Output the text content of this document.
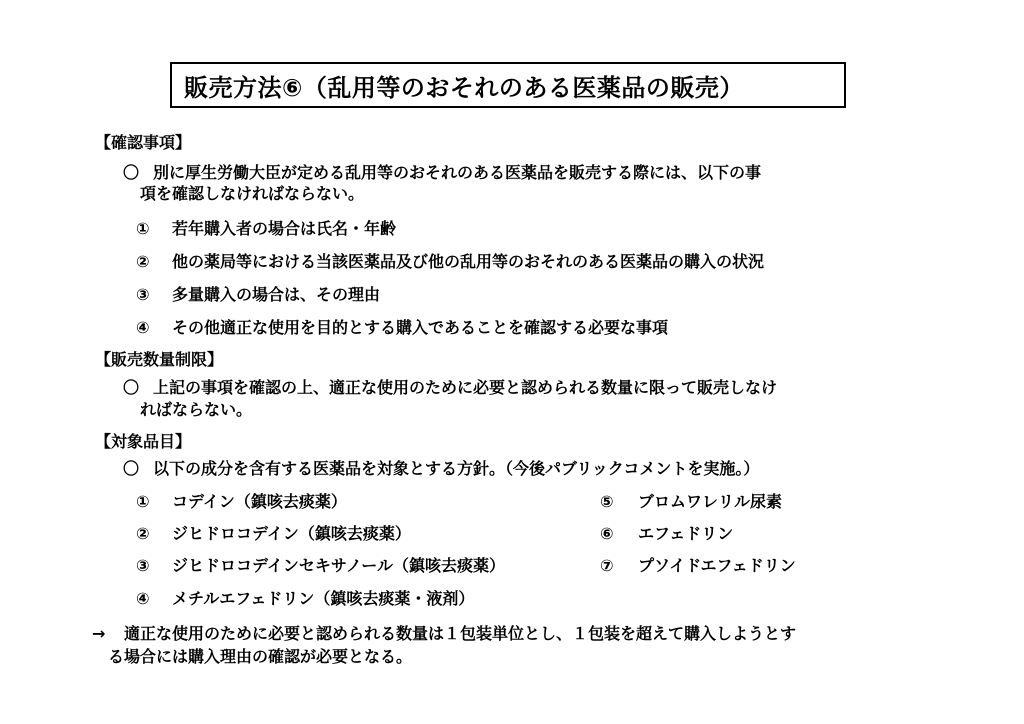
販売方法⑥（乱用等のおそれのある医薬品の販売）
【確認事項】
〇 別に厚生労働大臣が定める乱用等のおそれのある医薬品を販売する際には、以下の事
項を確認しなければならない。
① 若年購入者の場合は氏名・年齢
② 他の薬局等における当該医薬品及び他の乱用等のおそれのある医薬品の購入の状況
③ 多量購入の場合は、その理由
④ その他適正な使用を目的とする購入であることを確認する必要な事項
【販売数量制限】
〇 上記の事項を確認の上、適正な使用のために必要と認められる数量に限って販売しなけ
ればならない。
【対象品目】
〇 以下の成分を含有する医薬品を対象とする方針。（今後パブリックコメントを実施。）
① コデイン（鎮咳去痰薬）	⑤ ブロムワレリル尿素
② ジヒドロコデイン（鎮咳去痰薬）	⑥ エフェドリン
③ ジヒドロコデインセキサノール（鎮咳去痰薬）	⑦ プソイドエフェドリン
④ メチルエフェドリン（鎮咳去痰薬・液剤）
→ 適正な使用のために必要と認められる数量は１包装単位とし、１包装を超えて購入しようとす
る場合には購入理由の確認が必要となる。
